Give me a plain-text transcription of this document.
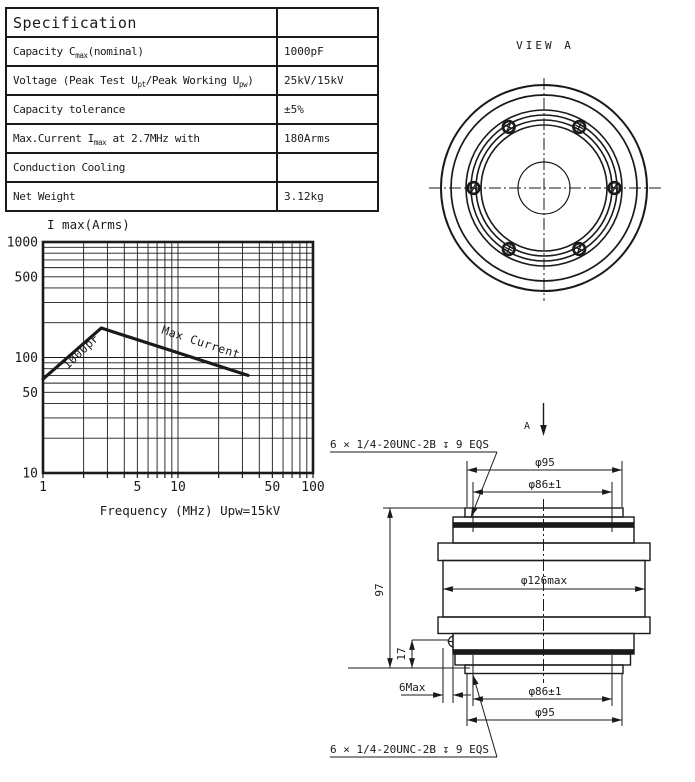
Specification	
Capacity $C_{max}(nominal)$	1000pF
Voltage (Peak Test $U_{pt}$/Peak Working $U_{pw}$)	25kV/15kV
Capacity tolerance	±5%
Max.Current $I_{max}$ at 2.7MHz with	180Arms
Conduction Cooling	
Net Weight	3.12kg
1	5 10	50 100
10
50
100
500
1000
I max(Arms)
Frequency (MHz) Upw=15kV
1000pF	Max Current
VIEW A
A
6 × 1/4-20UNC-2B ↧ 9 EQS
φ95
φ86±1
φ126max
97
17
6Max	φ86±1
φ95
6 × 1/4-20UNC-2B ↧ 9 EQS
